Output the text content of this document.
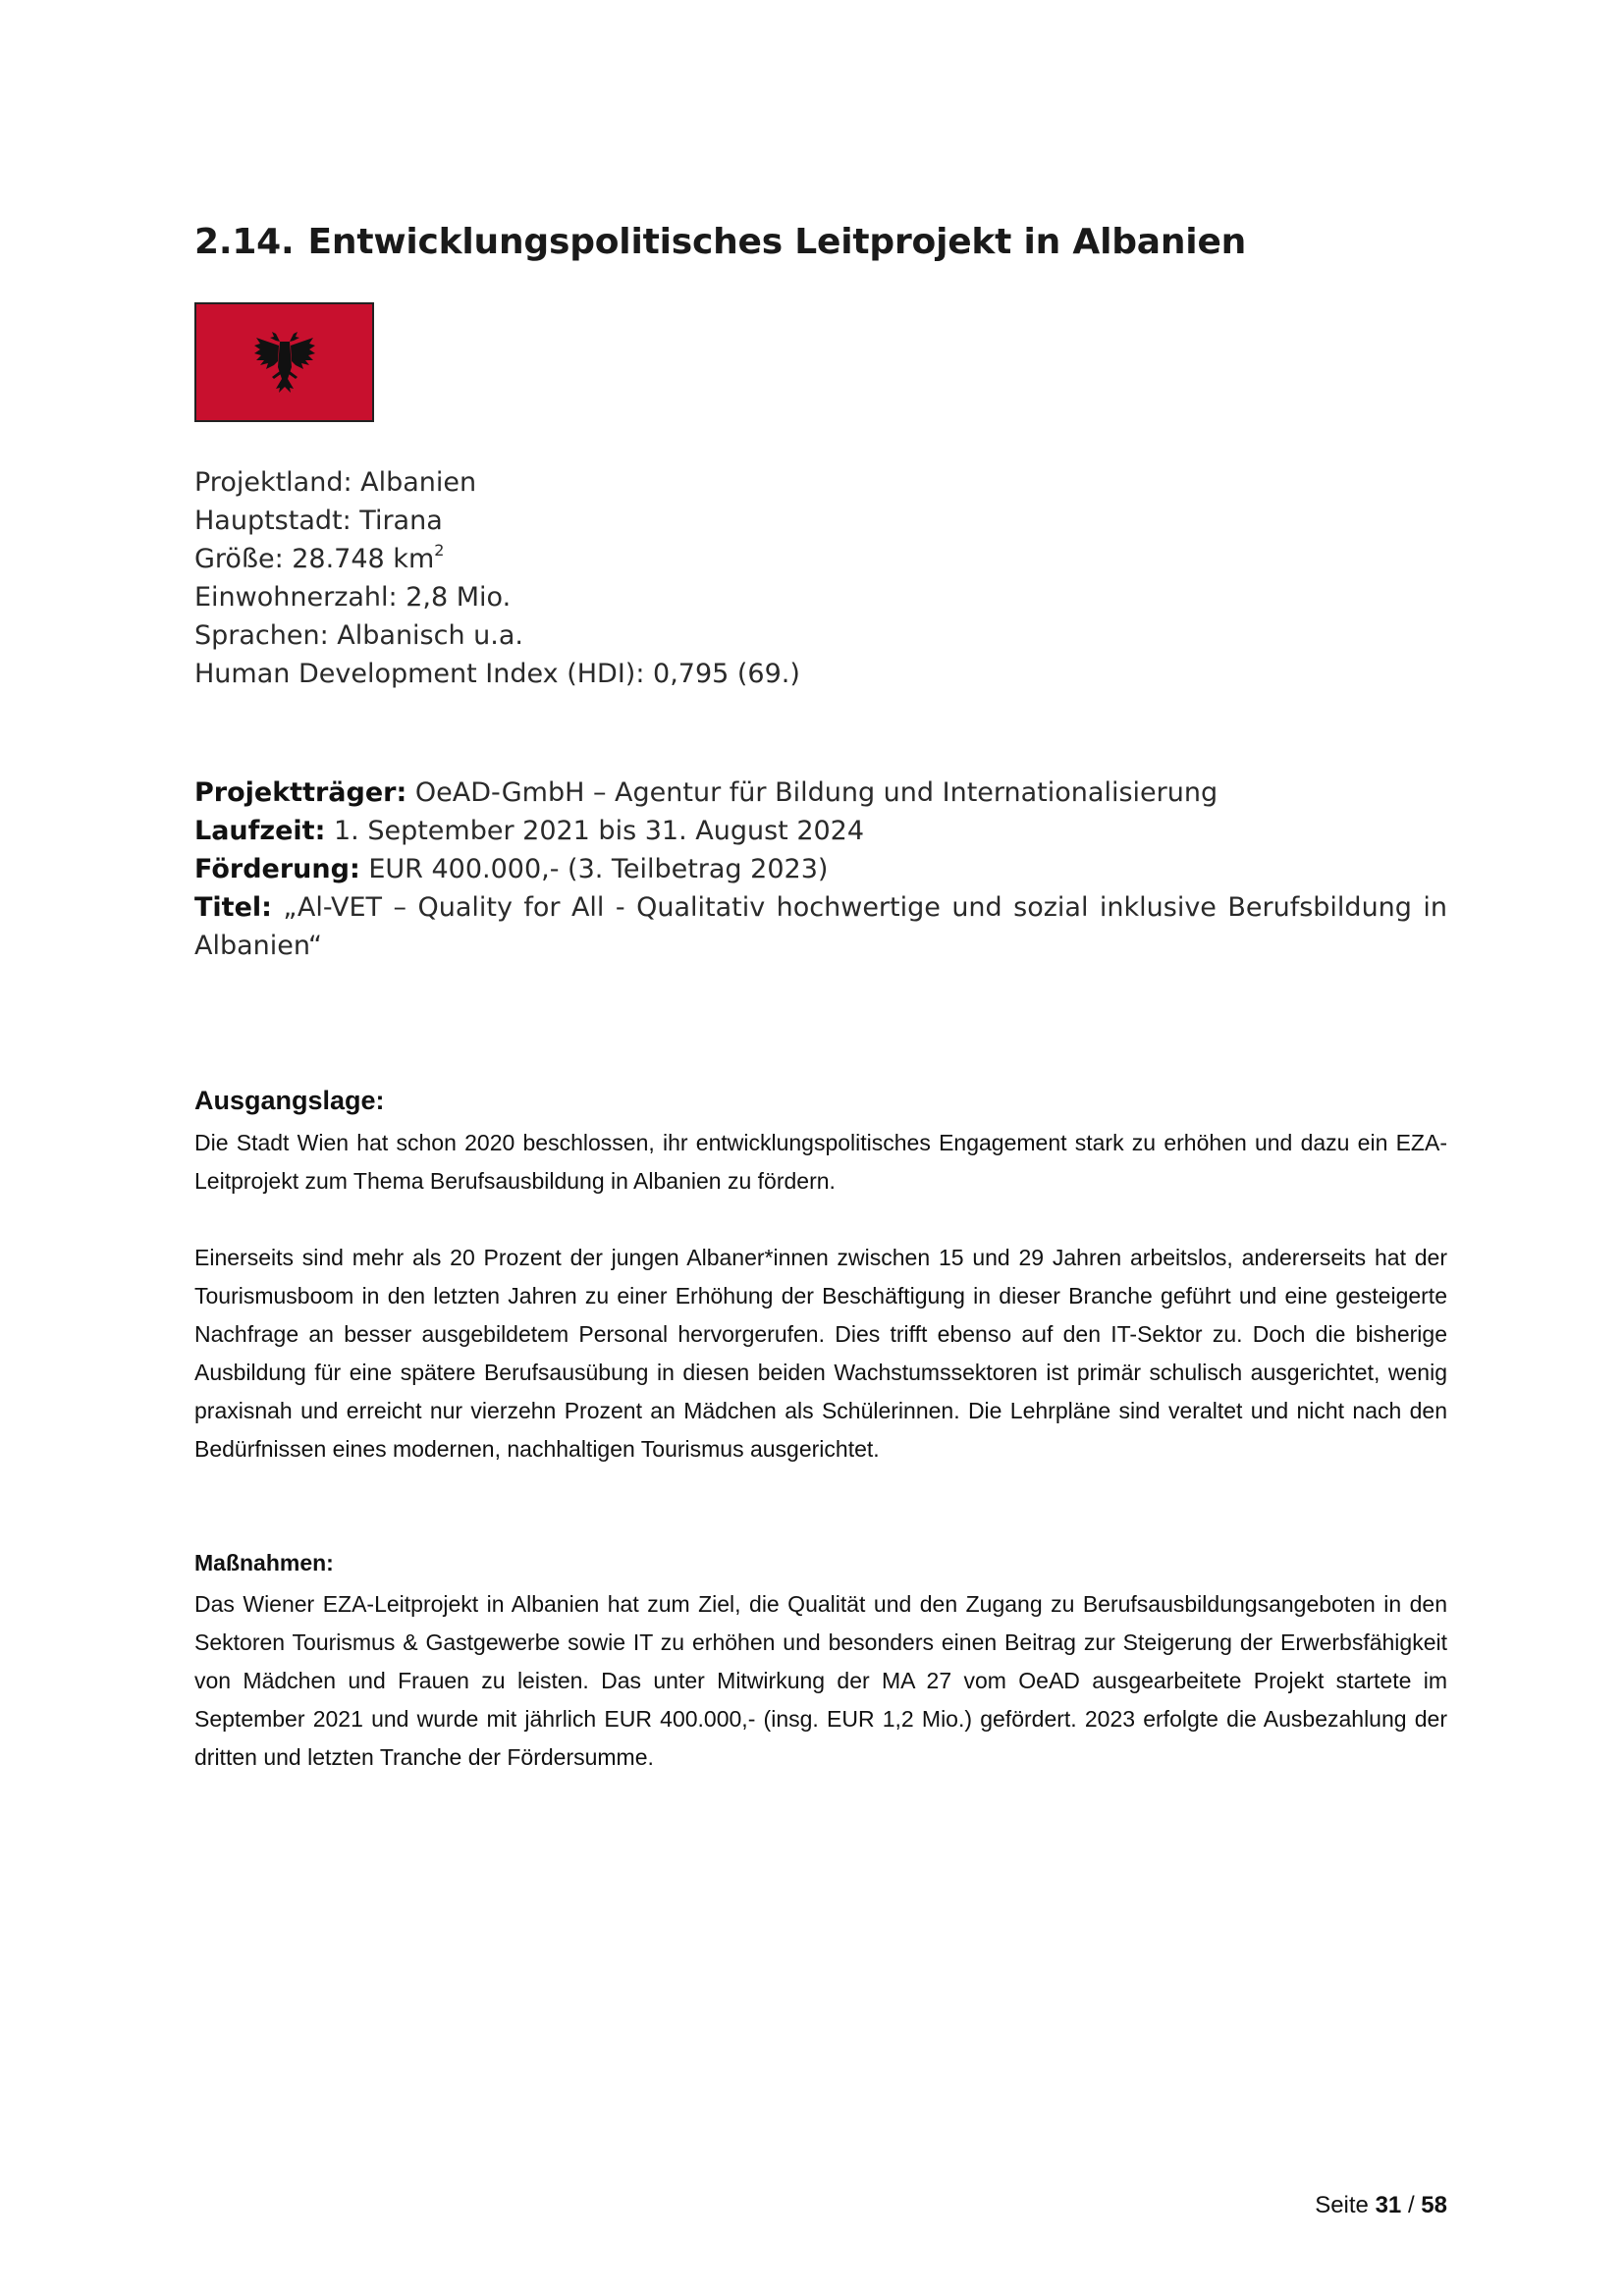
2.14. Entwicklungspolitisches Leitprojekt in Albanien
Projektland: Albanien
Hauptstadt: Tirana
Größe: 28.748 $km^2$
Einwohnerzahl: 2,8 Mio.
Sprachen: Albanisch u.a.
Human Development Index (HDI): 0,795 (69.)
Projektträger: OeAD-GmbH – Agentur für Bildung und Internationalisierung
Laufzeit: 1. September 2021 bis 31. August 2024
Förderung: EUR 400.000,- (3. Teilbetrag 2023)
Titel: „Al-VET – Quality for All - Qualitativ hochwertige und sozial inklusive Berufsbildung in Albanien“
Ausgangslage:

Die Stadt Wien hat schon 2020 beschlossen, ihr entwicklungspolitisches Engagement stark zu erhöhen und dazu ein EZA-Leitprojekt zum Thema Berufsausbildung in Albanien zu fördern.

Einerseits sind mehr als 20 Prozent der jungen Albaner*innen zwischen 15 und 29 Jahren arbeitslos, andererseits hat der Tourismusboom in den letzten Jahren zu einer Erhöhung der Beschäftigung in dieser Branche geführt und eine gesteigerte Nachfrage an besser ausgebildetem Personal hervorgerufen. Dies trifft ebenso auf den IT-Sektor zu. Doch die bisherige Ausbildung für eine spätere Berufsausübung in diesen beiden Wachstumssektoren ist primär schulisch ausgerichtet, wenig praxisnah und erreicht nur vierzehn Prozent an Mädchen als Schülerinnen. Die Lehrpläne sind veraltet und nicht nach den Bedürfnissen eines modernen, nachhaltigen Tourismus ausgerichtet.

Maßnahmen:

Das Wiener EZA-Leitprojekt in Albanien hat zum Ziel, die Qualität und den Zugang zu Berufsausbildungsangeboten in den Sektoren Tourismus & Gastgewerbe sowie IT zu erhöhen und besonders einen Beitrag zur Steigerung der Erwerbsfähigkeit von Mädchen und Frauen zu leisten. Das unter Mitwirkung der MA 27 vom OeAD ausgearbeitete Projekt startete im September 2021 und wurde mit jährlich EUR 400.000,- (insg. EUR 1,2 Mio.) gefördert. 2023 erfolgte die Ausbezahlung der dritten und letzten Tranche der Fördersumme.

Seite 31 / 58
